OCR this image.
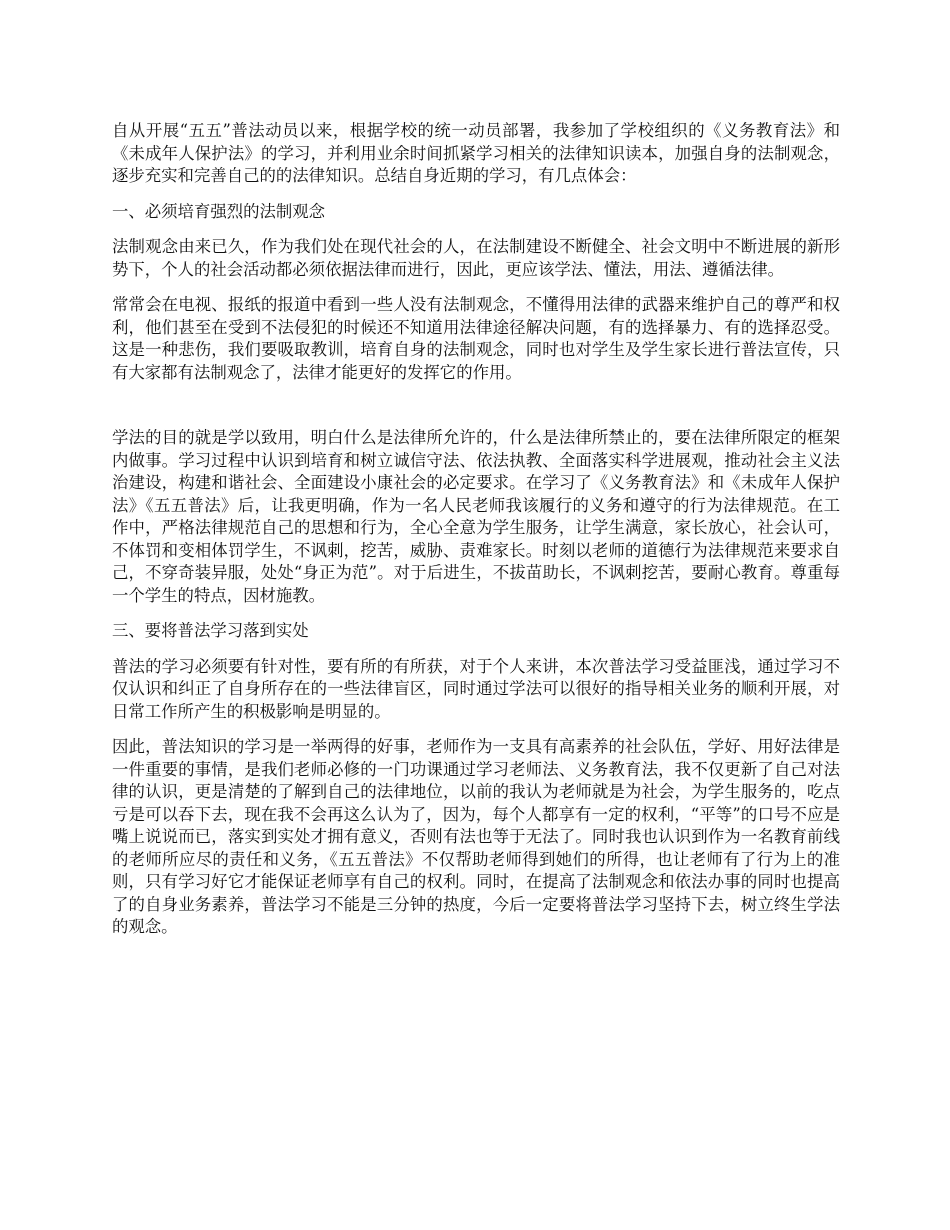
自从开展“五五”普法动员以来，根据学校的统一动员部署，我参加了学校组织的《义务教育法》和《未成年人保护法》的学习，并利用业余时间抓紧学习相关的法律知识读本，加强自身的法制观念，逐步充实和完善自己的的法律知识。总结自身近期的学习，有几点体会：

一、必须培育强烈的法制观念

法制观念由来已久，作为我们处在现代社会的人，在法制建设不断健全、社会文明中不断进展的新形势下，个人的社会活动都必须依据法律而进行，因此，更应该学法、懂法，用法、遵循法律。

常常会在电视、报纸的报道中看到一些人没有法制观念，不懂得用法律的武器来维护自己的尊严和权利，他们甚至在受到不法侵犯的时候还不知道用法律途径解决问题，有的选择暴力、有的选择忍受。这是一种悲伤，我们要吸取教训，培育自身的法制观念，同时也对学生及学生家长进行普法宣传，只有大家都有法制观念了，法律才能更好的发挥它的作用。

学法的目的就是学以致用，明白什么是法律所允许的，什么是法律所禁止的，要在法律所限定的框架内做事。学习过程中认识到培育和树立诚信守法、依法执教、全面落实科学进展观，推动社会主义法治建设，构建和谐社会、全面建设小康社会的必定要求。在学习了《义务教育法》和《未成年人保护法》《五五普法》后，让我更明确，作为一名人民老师我该履行的义务和遵守的行为法律规范。在工作中，严格法律规范自己的思想和行为，全心全意为学生服务，让学生满意，家长放心，社会认可，不体罚和变相体罚学生，不讽刺，挖苦，威胁、责难家长。时刻以老师的道德行为法律规范来要求自己，不穿奇装异服，处处“身正为范”。对于后进生，不拔苗助长，不讽刺挖苦，要耐心教育。尊重每一个学生的特点，因材施教。

三、要将普法学习落到实处

普法的学习必须要有针对性，要有所的有所获，对于个人来讲，本次普法学习受益匪浅，通过学习不仅认识和纠正了自身所存在的一些法律盲区，同时通过学法可以很好的指导相关业务的顺利开展，对日常工作所产生的积极影响是明显的。

因此，普法知识的学习是一举两得的好事，老师作为一支具有高素养的社会队伍，学好、用好法律是一件重要的事情，是我们老师必修的一门功课通过学习老师法、义务教育法，我不仅更新了自己对法律的认识，更是清楚的了解到自己的法律地位，以前的我认为老师就是为社会，为学生服务的，吃点亏是可以吞下去，现在我不会再这么认为了，因为，每个人都享有一定的权利，“平等”的口号不应是嘴上说说而已，落实到实处才拥有意义，否则有法也等于无法了。同时我也认识到作为一名教育前线的老师所应尽的责任和义务，《五五普法》不仅帮助老师得到她们的所得，也让老师有了行为上的准则，只有学习好它才能保证老师享有自己的权利。同时，在提高了法制观念和依法办事的同时也提高了的自身业务素养，普法学习不能是三分钟的热度，今后一定要将普法学习坚持下去，树立终生学法的观念。
